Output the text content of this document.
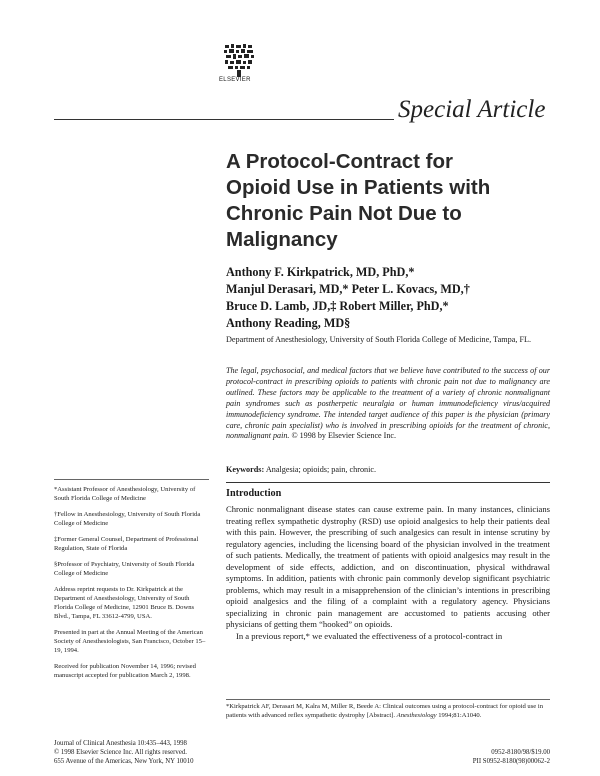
ELSEVIER
Special Article
A Protocol-Contract for
Opioid Use in Patients with
Chronic Pain Not Due to
Malignancy
Anthony F. Kirkpatrick, MD, PhD,*
Manjul Derasari, MD,* Peter L. Kovacs, MD,†
Bruce D. Lamb, JD,‡ Robert Miller, PhD,*
Anthony Reading, MD§
Department of Anesthesiology, University of South Florida College of Medicine, Tampa, FL.
The legal, psychosocial, and medical factors that we believe have contributed to the success of our protocol-contract in prescribing opioids to patients with chronic pain not due to malignancy are outlined. These factors may be applicable to the treatment of a variety of chronic nonmalignant pain syndromes such as postherpetic neuralgia or human immunodeficiency virus/acquired immunodeficiency syndrome. The intended target audience of this paper is the physician (primary care, chronic pain specialist) who is involved in prescribing opioids for the treatment of chronic, nonmalignant pain. © 1998 by Elsevier Science Inc.
Keywords: Analgesia; opioids; pain, chronic.
Introduction

Chronic nonmalignant disease states can cause extreme pain. In many instances, clinicians treating reflex sympathetic dystrophy (RSD) use opioid analgesics to help their patients deal with this pain. However, the prescribing of such analgesics can result in intense scrutiny by regulatory agencies, including the licensing board of the physician involved in the treatment of such patients. Medically, the treatment of patients with opioid analgesics may result in the development of side effects, addiction, and on discontinuation, physical withdrawal symptoms. In addition, patients with chronic pain commonly develop significant psychiatric problems, which may result in a misapprehension of the clinician’s intentions in prescribing opioid analgesics and the filing of a complaint with a regulatory agency. Physicians specializing in chronic pain management are accustomed to patients accusing other physicians of getting them “hooked” on opioids.

In a previous report,* we evaluated the effectiveness of a protocol-contract in

*Kirkpatrick AF, Derasari M, Kalra M, Miller R, Beede A: Clinical outcomes using a protocol-contract for opioid use in patients with advanced reflex sympathetic dystrophy [Abstract]. Anesthesiology 1994;81:A1040.
*Assistant Professor of Anesthesiology, University of South Florida College of Medicine
†Fellow in Anesthesiology, University of South Florida College of Medicine
‡Former General Counsel, Department of Professional Regulation, State of Florida
§Professor of Psychiatry, University of South Florida College of Medicine
Address reprint requests to Dr. Kirkpatrick at the Department of Anesthesiology, University of South Florida College of Medicine, 12901 Bruce B. Downs Blvd., Tampa, FL 33612-4799, USA.
Presented in part at the Annual Meeting of the American Society of Anesthesiologists, San Francisco, October 15–19, 1994.
Received for publication November 14, 1996; revised manuscript accepted for publication March 2, 1998.
Journal of Clinical Anesthesia 10:435–443, 1998
© 1998 Elsevier Science Inc. All rights reserved.
655 Avenue of the Americas, New York, NY 10010
0952-8180/98/$19.00
PII S0952-8180(98)00062-2
